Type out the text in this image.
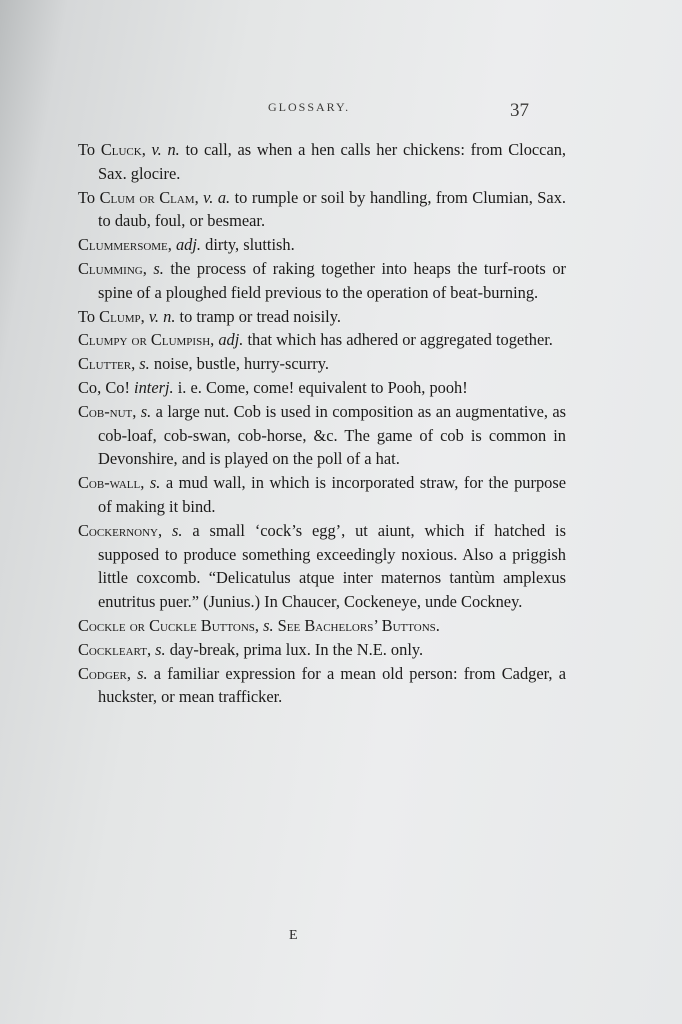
GLOSSARY.	37

To Cluck, v. n. to call, as when a hen calls her chickens: from Cloccan, Sax. glocire.

To Clum or Clam, v. a. to rumple or soil by handling, from Clumian, Sax. to daub, foul, or besmear.

Clummersome, adj. dirty, sluttish.

Clumming, s. the process of raking together into heaps the turf-roots or spine of a ploughed field previous to the operation of beat-burning.

To Clump, v. n. to tramp or tread noisily.

Clumpy or Clumpish, adj. that which has adhered or aggregated together.

Clutter, s. noise, bustle, hurry-scurry.

Co, Co! interj. i. e. Come, come! equivalent to Pooh, pooh!

Cob-nut, s. a large nut. Cob is used in composition as an augmentative, as cob-loaf, cob-swan, cob-horse, &c. The game of cob is common in Devonshire, and is played on the poll of a hat.

Cob-wall, s. a mud wall, in which is incorporated straw, for the purpose of making it bind.

Cockernony, s. a small ‘cock’s egg’, ut aiunt, which if hatched is supposed to produce something exceedingly noxious. Also a priggish little coxcomb. “Delicatulus atque inter maternos tantùm amplexus enutritus puer.” (Junius.) In Chaucer, Cockeneye, unde Cockney.

Cockle or Cuckle Buttons, s. See Bachelors’ Buttons.

Cockleart, s. day-break, prima lux. In the N.E. only.

Codger, s. a familiar expression for a mean old person: from Cadger, a huckster, or mean trafficker.

E
